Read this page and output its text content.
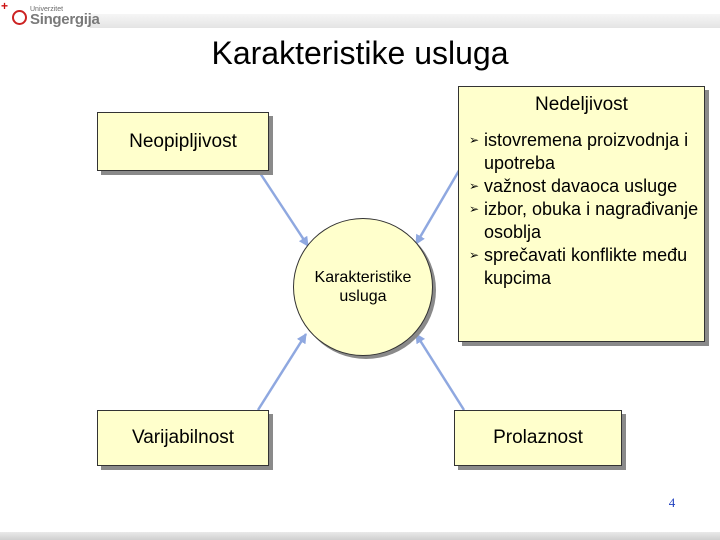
+	Univerzitet
Singergija
Karakteristike usluga
Neopipljivost
Varijabilnost	Prolaznost
Karakteristike
usluga
Nedeljivost
➢ istovremena proizvodnja i upotreba
➢ važnost davaoca usluge
➢ izbor, obuka i nagrađivanje osoblja
➢ sprečavati konflikte među kupcima
4
